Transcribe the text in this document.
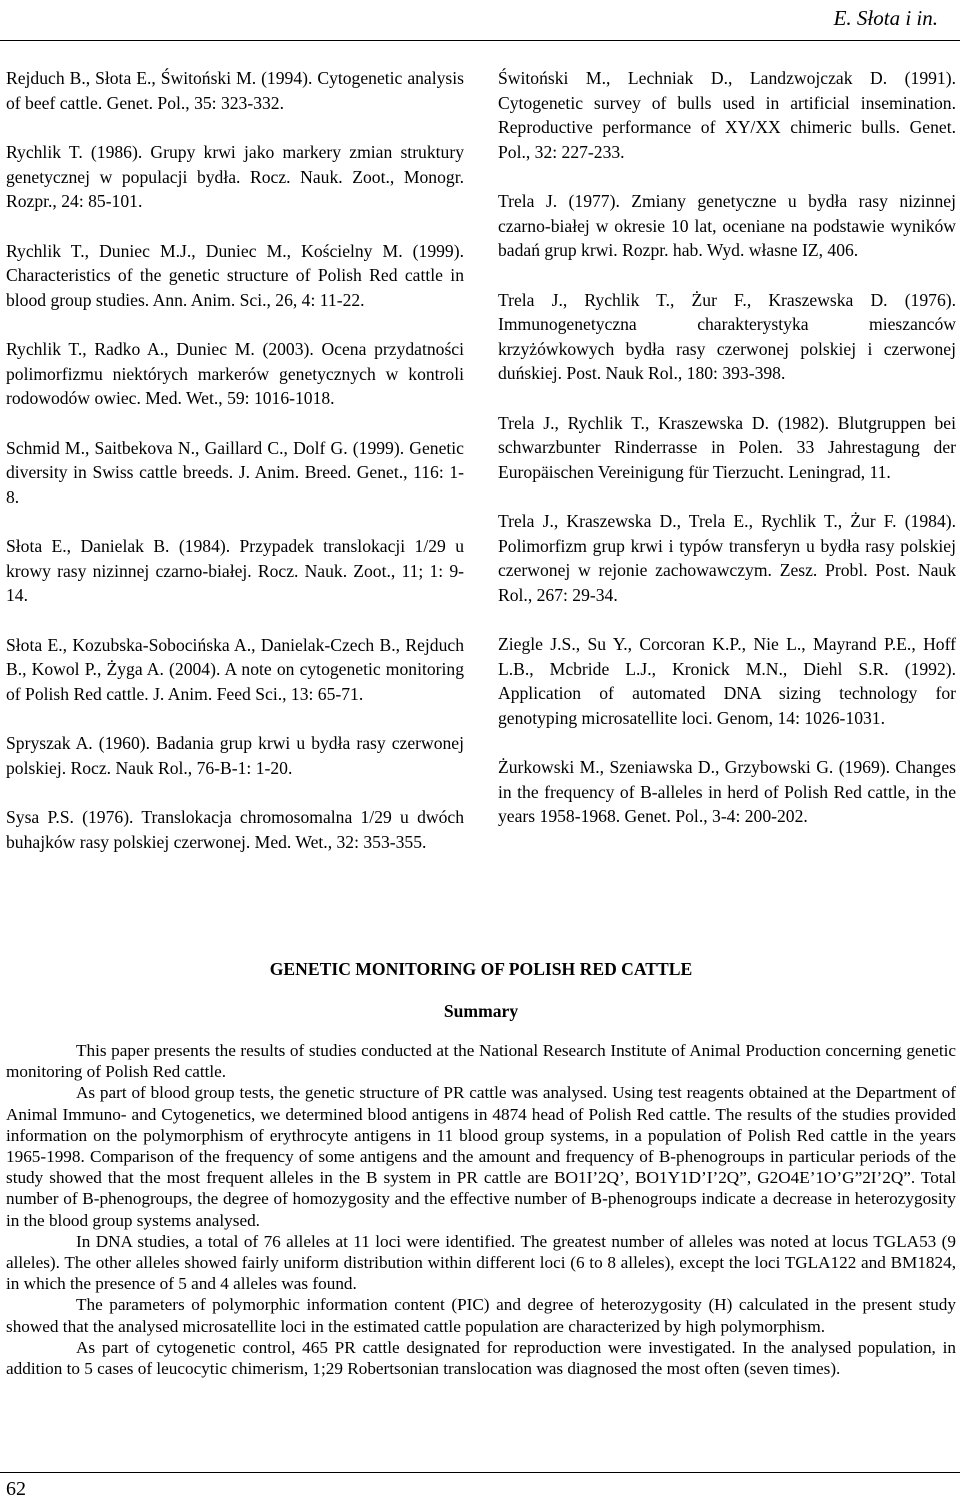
E. Słota i in.

Rejduch B., Słota E., Świtoński M. (1994). Cytogenetic analysis of beef cattle. Genet. Pol., 35: 323-332.

Rychlik T. (1986). Grupy krwi jako markery zmian struktury genetycznej w populacji bydła. Rocz. Nauk. Zoot., Monogr. Rozpr., 24: 85-101.

Rychlik T., Duniec M.J., Duniec M., Kościelny M. (1999). Characteristics of the genetic structure of Polish Red cattle in blood group studies. Ann. Anim. Sci., 26, 4: 11-22.

Rychlik T., Radko A., Duniec M. (2003). Ocena przydatności polimorfizmu niektórych markerów genetycznych w kontroli rodowodów owiec. Med. Wet., 59: 1016-1018.

Schmid M., Saitbekova N., Gaillard C., Dolf G. (1999). Genetic diversity in Swiss cattle breeds. J. Anim. Breed. Genet., 116: 1-8.

Słota E., Danielak B. (1984). Przypadek translokacji 1/29 u krowy rasy nizinnej czarno-białej. Rocz. Nauk. Zoot., 11; 1: 9-14.

Słota E., Kozubska-Sobocińska A., Danielak-Czech B., Rejduch B., Kowol P., Żyga A. (2004). A note on cytogenetic monitoring of Polish Red cattle. J. Anim. Feed Sci., 13: 65-71.

Spryszak A. (1960). Badania grup krwi u bydła rasy czerwonej polskiej. Rocz. Nauk Rol., 76-B-1: 1-20.

Sysa P.S. (1976). Translokacja chromosomalna 1/29 u dwóch buhajków rasy polskiej czerwonej. Med. Wet., 32: 353-355.

Świtoński M., Lechniak D., Landzwojczak D. (1991). Cytogenetic survey of bulls used in artificial insemination. Reproductive performance of XY/XX chimeric bulls. Genet. Pol., 32: 227-233.

Trela J. (1977). Zmiany genetyczne u bydła rasy nizinnej czarno-białej w okresie 10 lat, oceniane na podstawie wyników badań grup krwi. Rozpr. hab. Wyd. własne IZ, 406.

Trela J., Rychlik T., Żur F., Kraszewska D. (1976). Immunogenetyczna charakterystyka mieszanców krzyżówkowych bydła rasy czerwonej polskiej i czerwonej duńskiej. Post. Nauk Rol., 180: 393-398.

Trela J., Rychlik T., Kraszewska D. (1982). Blutgruppen bei schwarzbunter Rinderrasse in Polen. 33 Jahrestagung der Europäischen Vereinigung für Tierzucht. Leningrad, 11.

Trela J., Kraszewska D., Trela E., Rychlik T., Żur F. (1984). Polimorfizm grup krwi i typów transferyn u bydła rasy polskiej czerwonej w rejonie zachowawczym. Zesz. Probl. Post. Nauk Rol., 267: 29-34.

Ziegle J.S., Su Y., Corcoran K.P., Nie L., Mayrand P.E., Hoff L.B., Mcbride L.J., Kronick M.N., Diehl S.R. (1992). Application of automated DNA sizing technology for genotyping microsatellite loci. Genom, 14: 1026-1031.

Żurkowski M., Szeniawska D., Grzybowski G. (1969). Changes in the frequency of B-alleles in herd of Polish Red cattle, in the years 1958-1968. Genet. Pol., 3-4: 200-202.

GENETIC MONITORING OF POLISH RED CATTLE
Summary

This paper presents the results of studies conducted at the National Research Institute of Animal Production concerning genetic monitoring of Polish Red cattle.

As part of blood group tests, the genetic structure of PR cattle was analysed. Using test reagents obtained at the Department of Animal Immuno- and Cytogenetics, we determined blood antigens in 4874 head of Polish Red cattle. The results of the studies provided information on the polymorphism of erythrocyte antigens in 11 blood group systems, in a population of Polish Red cattle in the years 1965-1998. Comparison of the frequency of some antigens and the amount and frequency of B-phenogroups in particular periods of the study showed that the most frequent alleles in the B system in PR cattle are BO1I’2Q’, BO1Y1D’I’2Q”, G2O4E’1O’G”2I’2Q”. Total number of B-phenogroups, the degree of homozygosity and the effective number of B-phenogroups indicate a decrease in heterozygosity in the blood group systems analysed.

In DNA studies, a total of 76 alleles at 11 loci were identified. The greatest number of alleles was noted at locus TGLA53 (9 alleles). The other alleles showed fairly uniform distribution within different loci (6 to 8 alleles), except the loci TGLA122 and BM1824, in which the presence of 5 and 4 alleles was found.

The parameters of polymorphic information content (PIC) and degree of heterozygosity (H) calculated in the present study showed that the analysed microsatellite loci in the estimated cattle population are characterized by high polymorphism.

As part of cytogenetic control, 465 PR cattle designated for reproduction were investigated. In the analysed population, in addition to 5 cases of leucocytic chimerism, 1;29 Robertsonian translocation was diagnosed the most often (seven times).

62
